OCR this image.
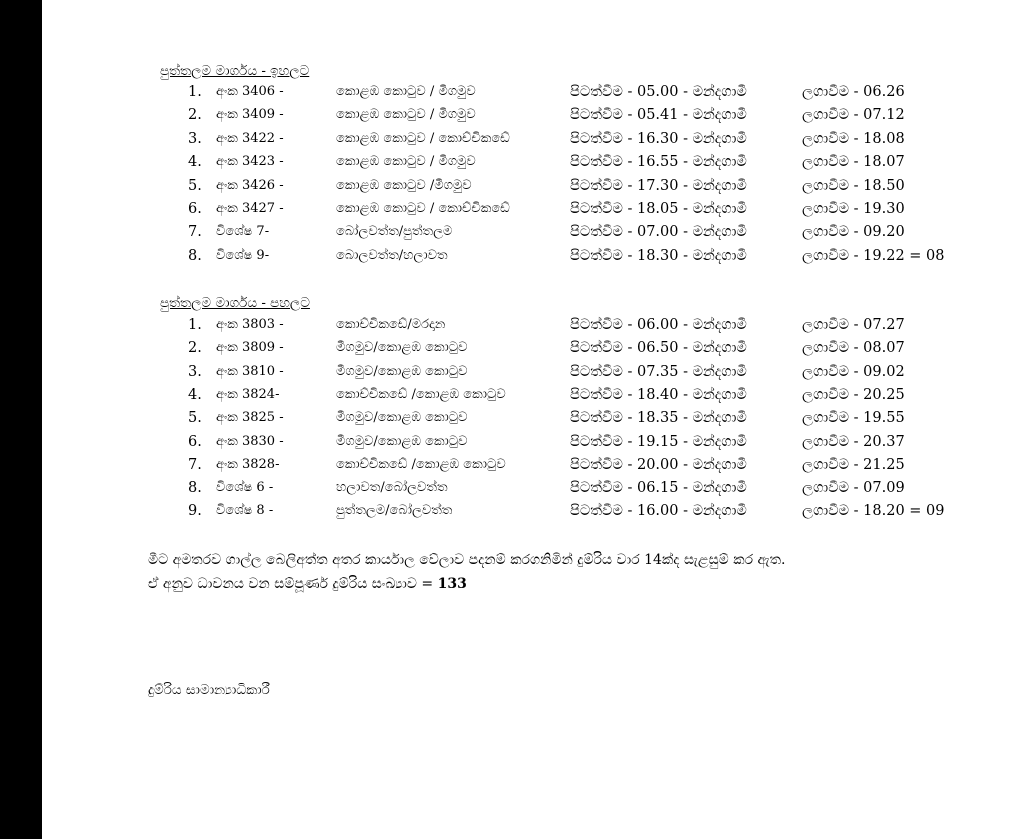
පුත්තලම මාර්ගය - ඉහලට
1. අංක 3406 -	කොළඹ කොටුව / මීගමුව	පිටත්වීම - 05.00 - මන්දගාමී	ලගාවීම - 06.26
2. අංක 3409 -	කොළඹ කොටුව / මීගමුව	පිටත්වීම - 05.41 - මන්දගාමී	ලගාවීම - 07.12
3. අංක 3422 -	කොළඹ කොටුව / කොච්චිකඩේ	පිටත්වීම - 16.30 - මන්දගාමී	ලගාවීම - 18.08
4. අංක 3423 -	කොළඹ කොටුව / මීගමුව	පිටත්වීම - 16.55 - මන්දගාමී	ලගාවීම - 18.07
5. අංක 3426 -	කොළඹ කොටුව /මීගමුව	පිටත්වීම - 17.30 - මන්දගාමී	ලගාවීම - 18.50
6. අංක 3427 -	කොළඹ කොටුව / කොච්චිකඩේ	පිටත්වීම - 18.05 - මන්දගාමී	ලගාවීම - 19.30
7. විශේෂ 7-	බෝලවත්ත/පුත්තලම	පිටත්වීම - 07.00 - මන්දගාමී	ලගාවීම - 09.20
8. විශේෂ 9-	බොලවත්ත/හලාවත	පිටත්වීම - 18.30 - මන්දගාමී	ලගාවීම - 19.22 = 08
පුත්තලම මාර්ගය - පහලට
1. අංක 3803 -	කොච්චිකඩේ/මරදාන	පිටත්වීම - 06.00 - මන්දගාමී	ලගාවීම - 07.27
2. අංක 3809 -	මීගමුව/කොළඹ කොටුව	පිටත්වීම - 06.50 - මන්දගාමී	ලගාවීම - 08.07
3. අංක 3810 -	මීගමුව/කොළඹ කොටුව	පිටත්වීම - 07.35 - මන්දගාමී	ලගාවීම - 09.02
4. අංක 3824-	කොච්චිකඩේ /කොළඹ කොටුව	පිටත්වීම - 18.40 - මන්දගාමී	ලගාවීම - 20.25
5. අංක 3825 -	මීගමුව/කොළඹ කොටුව	පිටත්වීම - 18.35 - මන්දගාමී	ලගාවීම - 19.55
6. අංක 3830 -	මීගමුව/කොළඹ කොටුව	පිටත්වීම - 19.15 - මන්දගාමී	ලගාවීම - 20.37
7. අංක 3828-	කොච්චිකඩේ /කොළඹ කොටුව	පිටත්වීම - 20.00 - මන්දගාමී	ලගාවීම - 21.25
8. විශේෂ 6 -	හලාවත/බෝලවත්ත	පිටත්වීම - 06.15 - මන්දගාමී	ලගාවීම - 07.09
9. විශේෂ 8 -	පුත්තලම/බෝලවත්ත	පිටත්වීම - 16.00 - මන්දගාමී	ලගාවීම - 18.20 = 09
මීට අමතරව ගාල්ල බෙලිඅත්ත අතර කාර්යාල වේලාව පදනම් කරගනිමින් දුම්රිය වාර 14ක්ද සැළසුම් කර ඇත.
ඒ අනුව ධාවනය වන සම්පූර්ණ දුම්රිය සංඛ්‍යාව = 133
දුම්රිය සාමාන්‍යාධිකාරී
